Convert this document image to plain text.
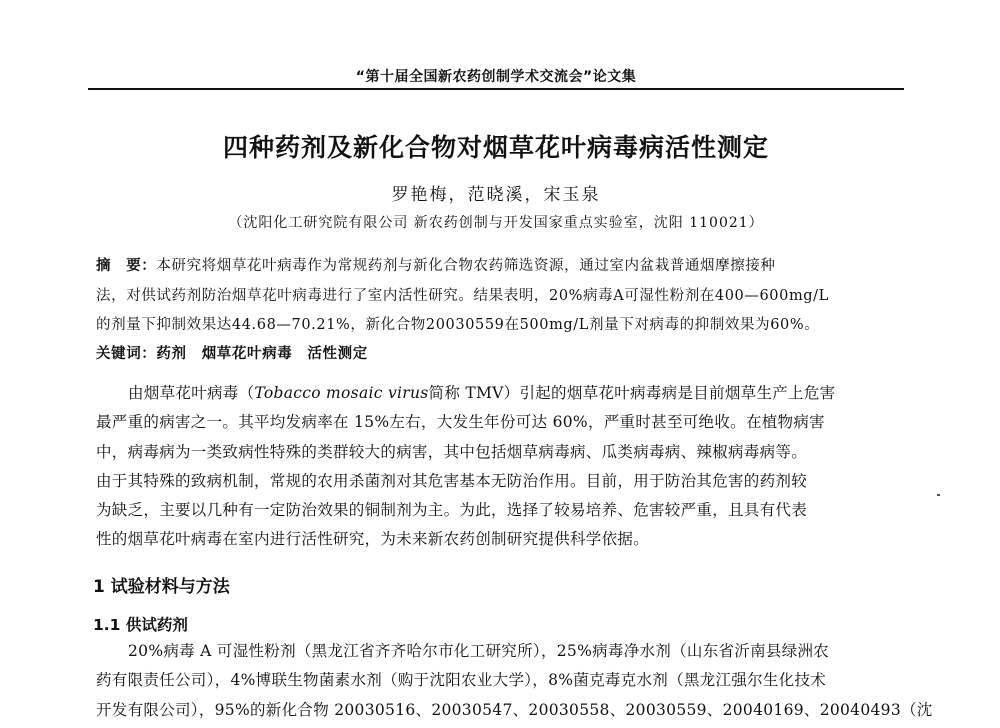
“第十届全国新农药创制学术交流会”论文集
四种药剂及新化合物对烟草花叶病毒病活性测定
罗艳梅，范晓溪，宋玉泉
（沈阳化工研究院有限公司 新农药创制与开发国家重点实验室，沈阳 110021）
摘　要：本研究将烟草花叶病毒作为常规药剂与新化合物农药筛选资源，通过室内盆栽普通烟摩擦接种
法，对供试药剂防治烟草花叶病毒进行了室内活性研究。结果表明，20%病毒A可湿性粉剂在400—600mg/L
的剂量下抑制效果达44.68—70.21%，新化合物20030559在500mg/L剂量下对病毒的抑制效果为60%。
关键词：药剂　烟草花叶病毒　活性测定
由烟草花叶病毒（Tobacco mosaic virus简称 TMV）引起的烟草花叶病毒病是目前烟草生产上危害
最严重的病害之一。其平均发病率在 15%左右，大发生年份可达 60%，严重时甚至可绝收。在植物病害
中，病毒病为一类致病性特殊的类群较大的病害，其中包括烟草病毒病、瓜类病毒病、辣椒病毒病等。
由于其特殊的致病机制，常规的农用杀菌剂对其危害基本无防治作用。目前，用于防治其危害的药剂较
为缺乏，主要以几种有一定防治效果的铜制剂为主。为此，选择了较易培养、危害较严重，且具有代表
性的烟草花叶病毒在室内进行活性研究，为未来新农药创制研究提供科学依据。
1 试验材料与方法
1.1 供试药剂
20%病毒 A 可湿性粉剂（黑龙江省齐齐哈尔市化工研究所），25%病毒净水剂（山东省沂南县绿洲农
药有限责任公司），4%博联生物菌素水剂（购于沈阳农业大学），8%菌克毒克水剂（黑龙江强尔生化技术
开发有限公司），95%的新化合物 20030516、20030547、20030558、20030559、20040169、20040493（沈
